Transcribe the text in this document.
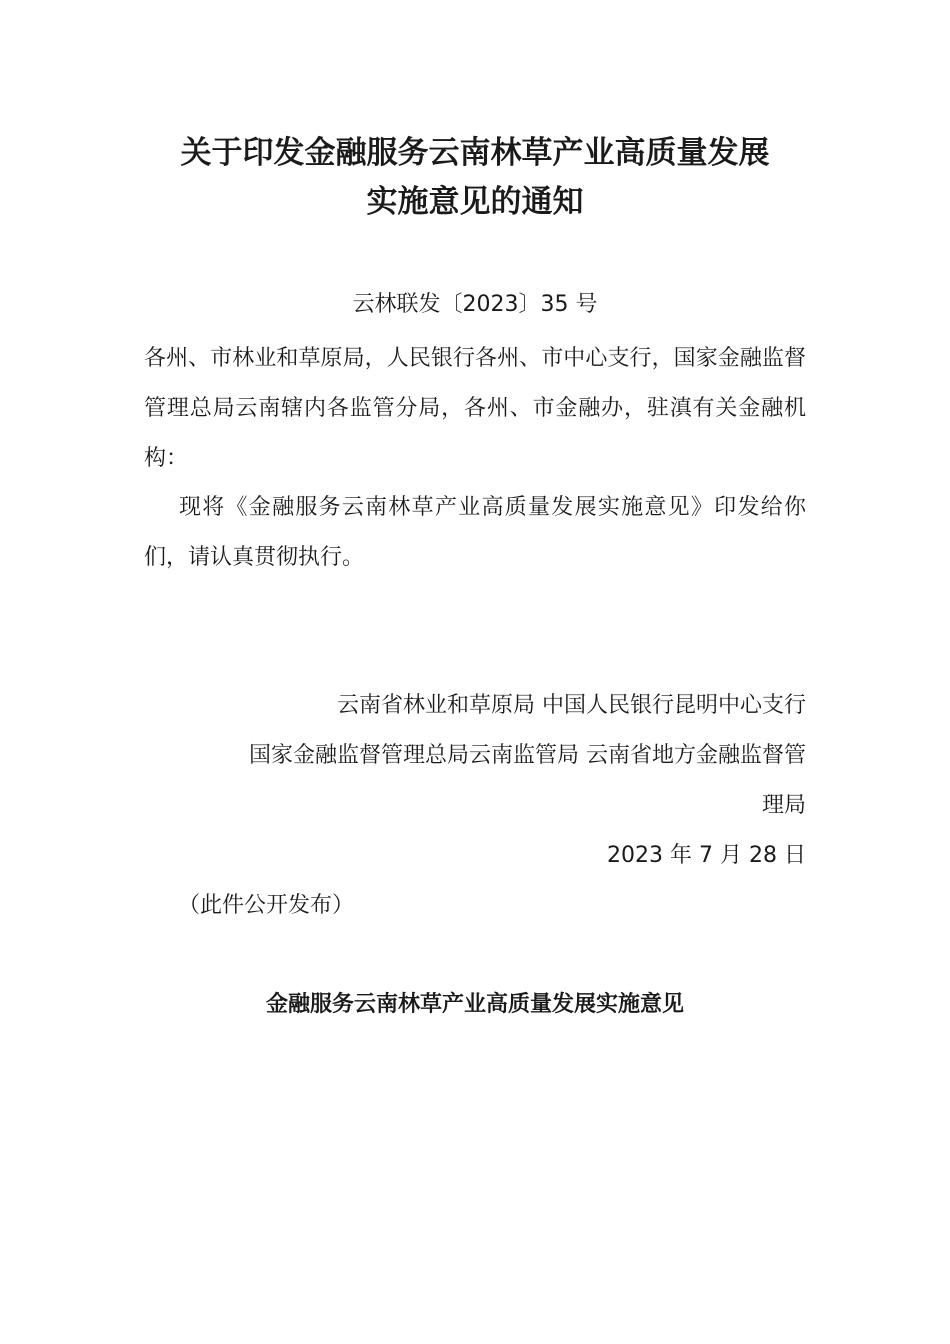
关于印发金融服务云南林草产业高质量发展
实施意见的通知
云林联发〔2023〕35 号
各州、市林业和草原局，人民银行各州、市中心支行，国家金融监督管理总局云南辖内各监管分局，各州、市金融办，驻滇有关金融机构：
现将《金融服务云南林草产业高质量发展实施意见》印发给你们，请认真贯彻执行。
云南省林业和草原局 中国人民银行昆明中心支行
国家金融监督管理总局云南监管局 云南省地方金融监督管
理局
2023 年 7 月 28 日
（此件公开发布）
金融服务云南林草产业高质量发展实施意见
